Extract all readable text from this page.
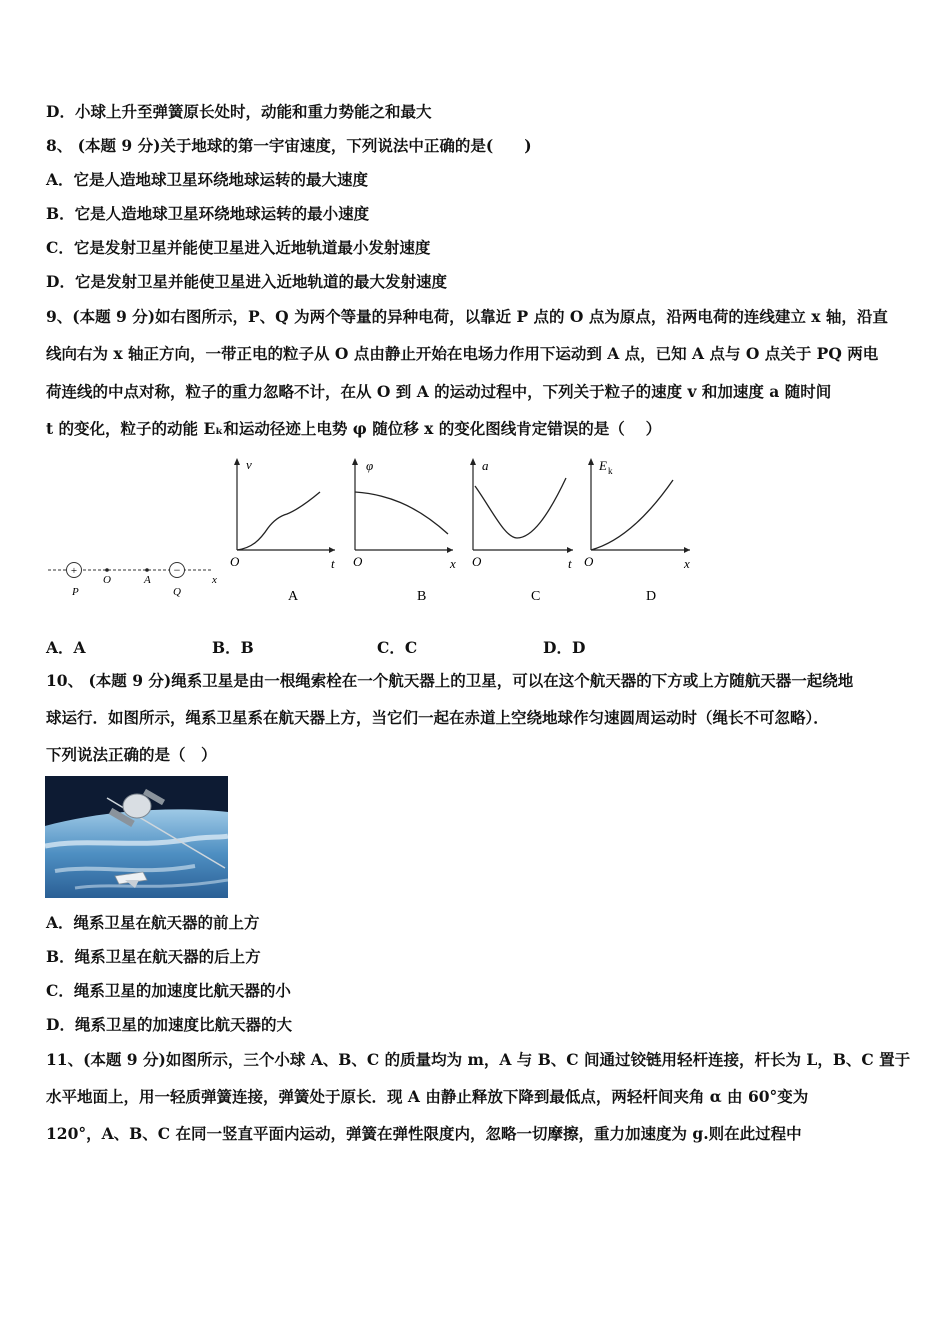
D．小球上升至弹簧原长处时，动能和重力势能之和最大
8、 (本题 9 分)关于地球的第一宇宙速度，下列说法中正确的是(　　)
A．它是人造地球卫星环绕地球运转的最大速度
B．它是人造地球卫星环绕地球运转的最小速度
C．它是发射卫星并能使卫星进入近地轨道最小发射速度
D．它是发射卫星并能使卫星进入近地轨道的最大发射速度
9、(本题 9 分)如右图所示，P、Q 为两个等量的异种电荷，以靠近 P 点的 O 点为原点，沿两电荷的连线建立 x 轴，沿直
线向右为 x 轴正方向，一带正电的粒子从 O 点由静止开始在电场力作用下运动到 A 点，已知 A 点与 O 点关于 PQ 两电
荷连线的中点对称，粒子的重力忽略不计，在从 O 到 A 的运动过程中，下列关于粒子的速度 v 和加速度 a 随时间
t 的变化，粒子的动能 Eₖ和运动径迹上电势 φ 随位移 x 的变化图线肯定错误的是（　 ）
+	−
x
P
O	A
Q
v
t
O
A
φ
x
O
B
a
t
O
C
E k
x
O
D
A．A	B．B	C．C	D．D
10、 (本题 9 分)绳系卫星是由一根绳索栓在一个航天器上的卫星，可以在这个航天器的下方或上方随航天器一起绕地
球运行．如图所示，绳系卫星系在航天器上方，当它们一起在赤道上空绕地球作匀速圆周运动时（绳长不可忽略）．
下列说法正确的是（　）
A．绳系卫星在航天器的前上方
B．绳系卫星在航天器的后上方
C．绳系卫星的加速度比航天器的小
D．绳系卫星的加速度比航天器的大
11、(本题 9 分)如图所示，三个小球 A、B、C 的质量均为 m，A 与 B、C 间通过铰链用轻杆连接，杆长为 L，B、C 置于
水平地面上，用一轻质弹簧连接，弹簧处于原长．现 A 由静止释放下降到最低点，两轻杆间夹角 α 由 60°变为
120°，A、B、C 在同一竖直平面内运动，弹簧在弹性限度内，忽略一切摩擦，重力加速度为 g.则在此过程中
